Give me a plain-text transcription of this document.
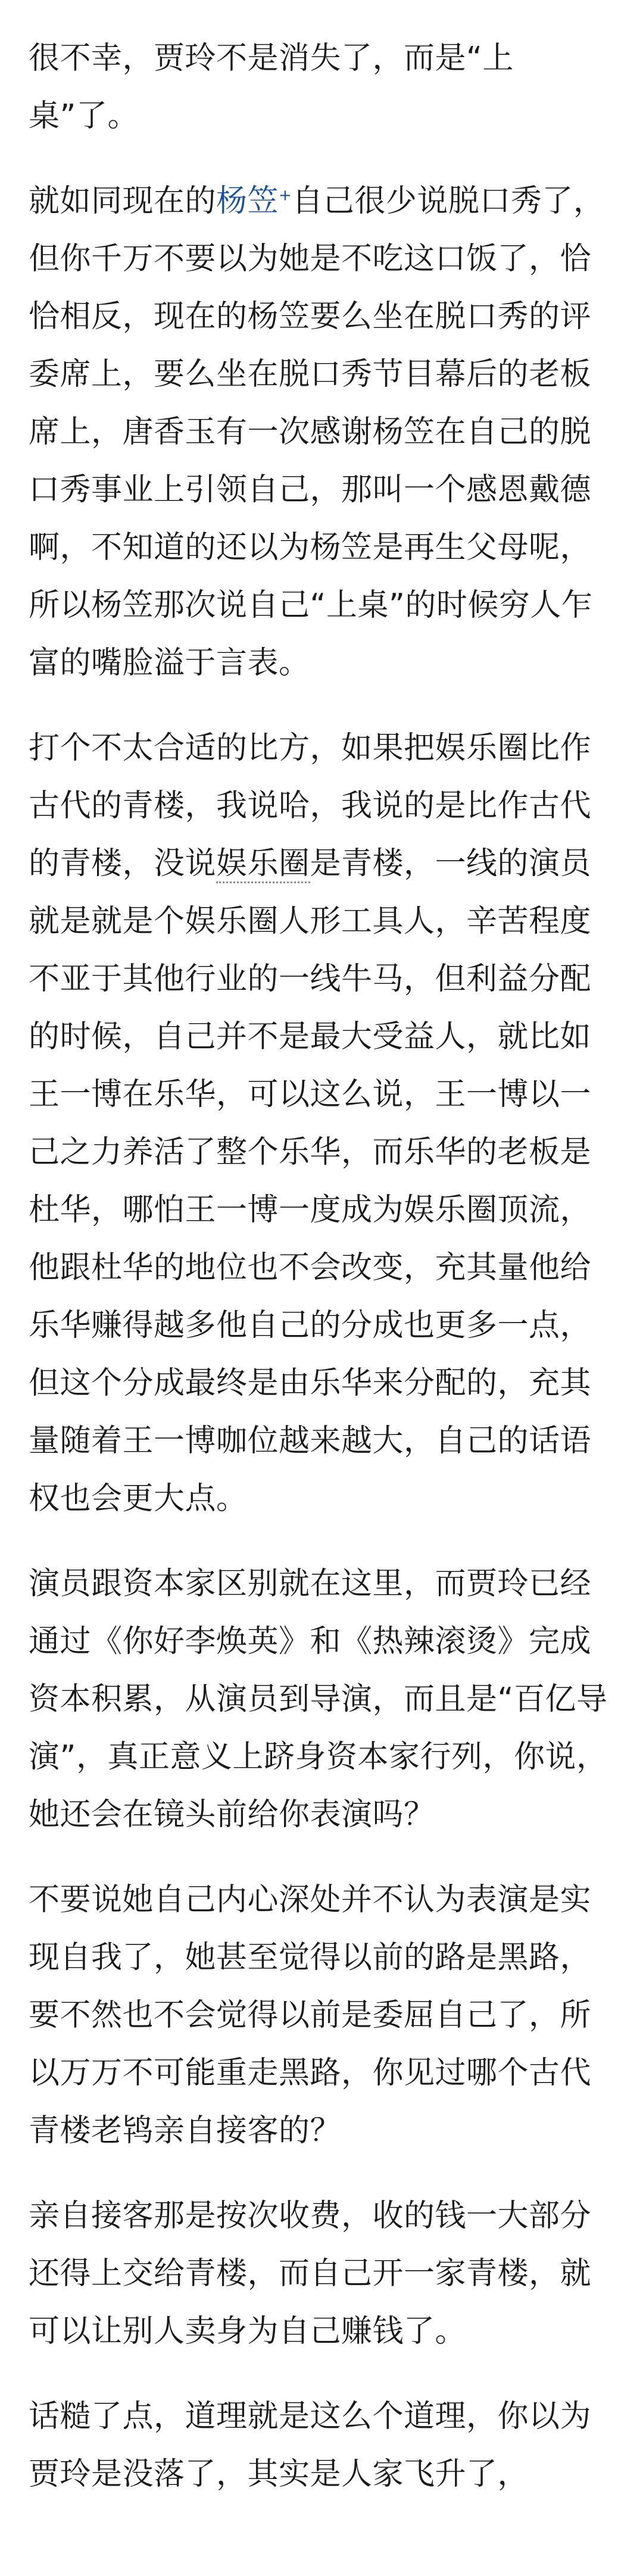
很不幸，贾玲不是消失了，而是“上桌”了。

就如同现在的杨笠+自己很少说脱口秀了，但你千万不要以为她是不吃这口饭了，恰恰相反，现在的杨笠要么坐在脱口秀的评委席上，要么坐在脱口秀节目幕后的老板席上，唐香玉有一次感谢杨笠在自己的脱口秀事业上引领自己，那叫一个感恩戴德啊，不知道的还以为杨笠是再生父母呢，所以杨笠那次说自己“上桌”的时候穷人乍富的嘴脸溢于言表。

打个不太合适的比方，如果把娱乐圈比作古代的青楼，我说哈，我说的是比作古代的青楼，没说娱乐圈是青楼，一线的演员就是就是个娱乐圈人形工具人，辛苦程度不亚于其他行业的一线牛马，但利益分配的时候，自己并不是最大受益人，就比如王一博在乐华，可以这么说，王一博以一己之力养活了整个乐华，而乐华的老板是杜华，哪怕王一博一度成为娱乐圈顶流，他跟杜华的地位也不会改变，充其量他给乐华赚得越多他自己的分成也更多一点，但这个分成最终是由乐华来分配的，充其量随着王一博咖位越来越大，自己的话语权也会更大点。

演员跟资本家区别就在这里，而贾玲已经通过《你好李焕英》和《热辣滚烫》完成资本积累，从演员到导演，而且是“百亿导演”，真正意义上跻身资本家行列，你说，她还会在镜头前给你表演吗？

不要说她自己内心深处并不认为表演是实现自我了，她甚至觉得以前的路是黑路，要不然也不会觉得以前是委屈自己了，所以万万不可能重走黑路，你见过哪个古代青楼老鸨亲自接客的？

亲自接客那是按次收费，收的钱一大部分还得上交给青楼，而自己开一家青楼，就可以让别人卖身为自己赚钱了。

话糙了点，道理就是这么个道理，你以为贾玲是没落了，其实是人家飞升了，
